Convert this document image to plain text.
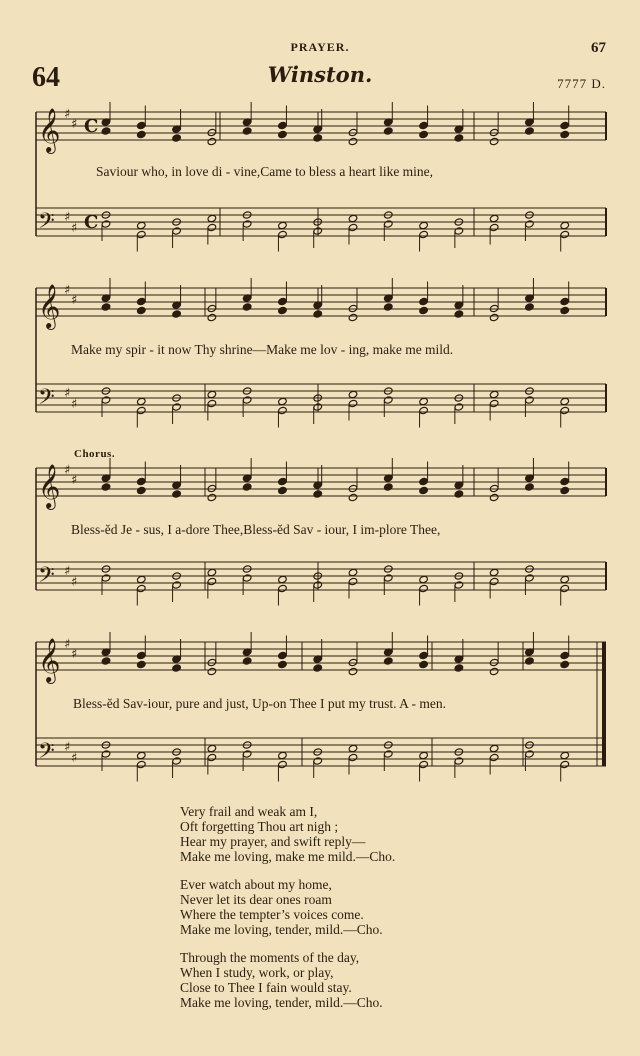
PRAYER.	67
64	Winston.	7777 D.
𝄞 ♯
♯ C
𝄢 ♯
♯ C
𝄞 ♯
♯
𝄢 ♯
♯
𝄞 ♯
♯
𝄢 ♯
♯
𝄞 ♯
♯
𝄢 ♯
♯
Saviour who, in love di - vine,Came to bless a heart like mine,
Make my spir - it now Thy shrine—Make me lov - ing, make me mild.
Chorus.
Bless-ĕd Je - sus, I a-dore Thee,Bless-ĕd Sav - iour, I im-plore Thee,
Bless-ĕd Sav-iour, pure and just, Up-on Thee I put my trust. A - men.
Very frail and weak am I,
Oft forgetting Thou art nigh ;
Hear my prayer, and swift reply—
Make me loving, make me mild.—Cho.
Ever watch about my home,
Never let its dear ones roam
Where the tempter’s voices come.
Make me loving, tender, mild.—Cho.
Through the moments of the day,
When I study, work, or play,
Close to Thee I fain would stay.
Make me loving, tender, mild.—Cho.
